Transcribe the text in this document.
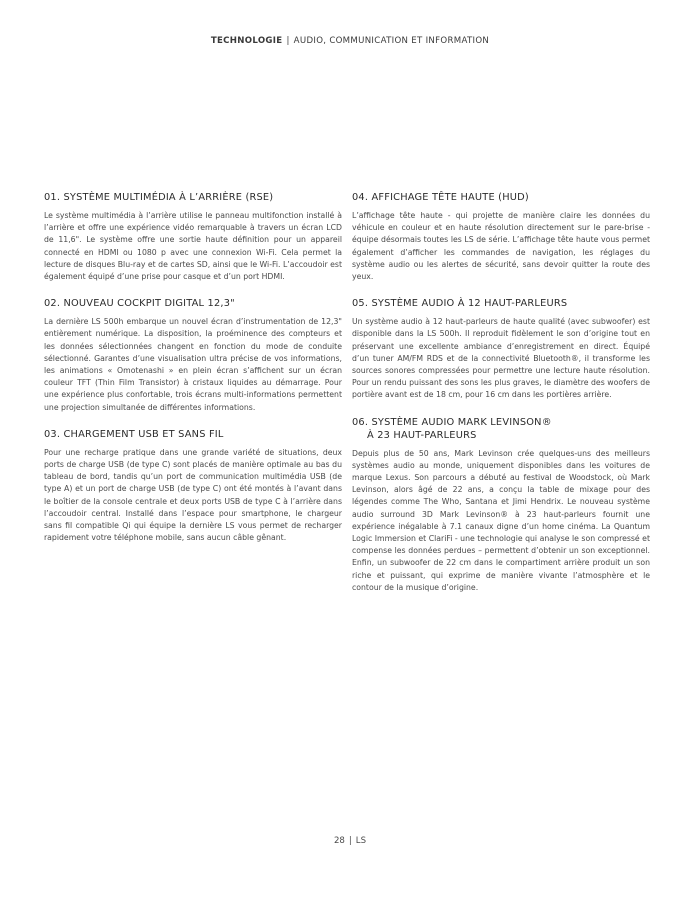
TECHNOLOGIE | AUDIO, COMMUNICATION ET INFORMATION
01. SYSTÈME MULTIMÉDIA À L’ARRIÈRE (RSE)

Le système multimédia à l’arrière utilise le panneau multifonction installé à l’arrière et offre une expérience vidéo remarquable à travers un écran LCD de 11,6". Le système offre une sortie haute définition pour un appareil connecté en HDMI ou 1080 p avec une connexion Wi-Fi. Cela permet la lecture de disques Blu-ray et de cartes SD, ainsi que le Wi-Fi. L’accoudoir est également équipé d’une prise pour casque et d’un port HDMI.

02. NOUVEAU COCKPIT DIGITAL 12,3"

La dernière LS 500h embarque un nouvel écran d’instrumentation de 12,3" entièrement numérique. La disposition, la proéminence des compteurs et les données sélectionnées changent en fonction du mode de conduite sélectionné. Garantes d’une visualisation ultra précise de vos informations, les animations « Omotenashi » en plein écran s’affichent sur un écran couleur TFT (Thin Film Transistor) à cristaux liquides au démarrage. Pour une expérience plus confortable, trois écrans multi-informations permettent une projection simultanée de différentes informations.

03. CHARGEMENT USB ET SANS FIL

Pour une recharge pratique dans une grande variété de situations, deux ports de charge USB (de type C) sont placés de manière optimale au bas du tableau de bord, tandis qu’un port de communication multimédia USB (de type A) et un port de charge USB (de type C) ont été montés à l’avant dans le boîtier de la console centrale et deux ports USB de type C à l’arrière dans l’accoudoir central. Installé dans l’espace pour smartphone, le chargeur sans fil compatible Qi qui équipe la dernière LS vous permet de recharger rapidement votre téléphone mobile, sans aucun câble gênant.

04. AFFICHAGE TÊTE HAUTE (HUD)

L’affichage tête haute - qui projette de manière claire les données du véhicule en couleur et en haute résolution directement sur le pare-brise - équipe désormais toutes les LS de série. L’affichage tête haute vous permet également d’afficher les commandes de navigation, les réglages du système audio ou les alertes de sécurité, sans devoir quitter la route des yeux.

05. SYSTÈME AUDIO À 12 HAUT-PARLEURS

Un système audio à 12 haut-parleurs de haute qualité (avec subwoofer) est disponible dans la LS 500h. Il reproduit fidèlement le son d’origine tout en préservant une excellente ambiance d’enregistrement en direct. Équipé d’un tuner AM/FM RDS et de la connectivité Bluetooth®, il transforme les sources sonores compressées pour permettre une lecture haute résolution. Pour un rendu puissant des sons les plus graves, le diamètre des woofers de portière avant est de 18 cm, pour 16 cm dans les portières arrière.

06. SYSTÈME AUDIO MARK LEVINSON®
À 23 HAUT-PARLEURS

Depuis plus de 50 ans, Mark Levinson crée quelques-uns des meilleurs systèmes audio au monde, uniquement disponibles dans les voitures de marque Lexus. Son parcours a débuté au festival de Woodstock, où Mark Levinson, alors âgé de 22 ans, a conçu la table de mixage pour des légendes comme The Who, Santana et Jimi Hendrix. Le nouveau système audio surround 3D Mark Levinson® à 23 haut-parleurs fournit une expérience inégalable à 7.1 canaux digne d’un home cinéma. La Quantum Logic Immersion et ClariFi - une technologie qui analyse le son compressé et compense les données perdues – permettent d’obtenir un son exceptionnel. Enfin, un subwoofer de 22 cm dans le compartiment arrière produit un son riche et puissant, qui exprime de manière vivante l’atmosphère et le contour de la musique d’origine.

28 | LS
